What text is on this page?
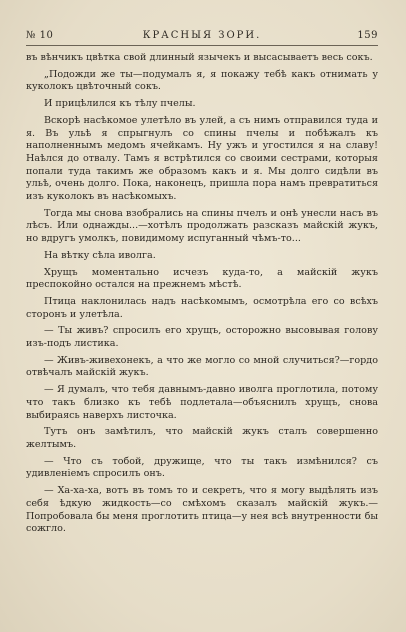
№ 10	КРАСНЫЯ ЗОРИ.	159

въ вѣнчикъ цвѣтка свой длинный язычекъ и высасываетъ весь сокъ.

„Подожди же ты—подумалъ я, я покажу тебѣ какъ отнимать у куколокъ цвѣточный сокъ.

И прицѣлился къ тѣлу пчелы.

Вскорѣ насѣкомое улетѣло въ улей, а съ нимъ отправился туда и я. Въ ульѣ я спрыгнулъ со спины пчелы и побѣжалъ къ наполненнымъ медомъ ячейкамъ. Ну ужъ и угостился я на славу! Наѣлся до отвалу. Тамъ я встрѣтился со своими сестрами, которыя попали туда такимъ же образомъ какъ и я. Мы долго сидѣли въ ульѣ, очень долго. Пока, наконецъ, пришла пора намъ превратиться изъ куколокъ въ насѣкомыхъ.

Тогда мы снова взобрались на спины пчелъ и онѣ унесли насъ въ лѣсъ. Или однажды...—хотѣлъ продолжать разсказъ майскій жукъ, но вдругъ умолкъ, повидимому испуганный чѣмъ-то...

На вѣтку сѣла иволга.

Хрущъ моментально исчезъ куда-то, а майскій жукъ преспокойно остался на прежнемъ мѣстѣ.

Птица наклонилась надъ насѣкомымъ, осмотрѣла его со всѣхъ сторонъ и улетѣла.

— Ты живъ? спросилъ его хрущъ, осторожно высовывая голову изъ-подъ листика.

— Живъ-живехонекъ, а что же могло со мной случиться?—гордо отвѣчалъ майскій жукъ.

— Я думалъ, что тебя давнымъ-давно иволга проглотила, потому что такъ близко къ тебѣ подлетала—объяснилъ хрущъ, снова выбираясь наверхъ листочка.

Тутъ онъ замѣтилъ, что майскій жукъ сталъ совершенно желтымъ.

— Что съ тобой, дружище, что ты такъ измѣнился? съ удивленіемъ спросилъ онъ.

— Ха-ха-ха, вотъ въ томъ то и секретъ, что я могу выдѣлять изъ себя ѣдкую жидкость—со смѣхомъ сказалъ майскій жукъ.—Попробовала бы меня проглотить птица—у нея всѣ внутренности бы сожгло.
